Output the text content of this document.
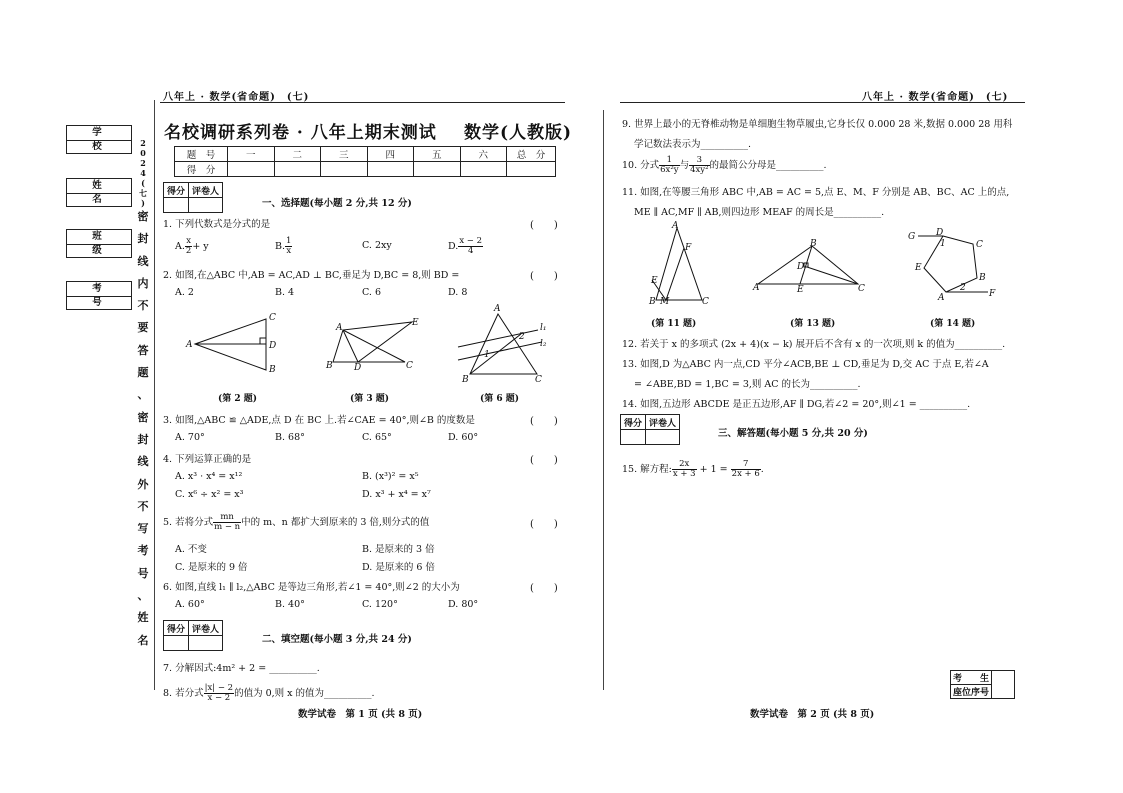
八年上 · 数学(省命题)　(七)	八年上 · 数学(省命题)　(七)
学　校
姓　名
班　级
考　号
2
0
2
4
(
七
)
密
封
线
内
不
要
答
题
、
密
封
线
外
不
写
考
号
、
姓
名
名校调研系列卷 · 八年上期末测试 数学(人教版)
题　号	一	二	三	四	五	六	总　分
得　分							
得分	评卷人

一、选择题(每小题 2 分,共 12 分)
1. 下列代数式是分式的是	(　　)
A. $\frac{x}{2} + y$	B. $\frac{1}{x}$	C. 2xy	D. $\frac{x - 2}{4}$
2. 如图,在△ABC 中,AB = AC,AD ⊥ BC,垂足为 D,BC = 8,则 BD =	(　　)
A. 2	B. 4	C. 6	D. 8
A
C
D
B
A	E
B D	C
A
B	C
1
2
l₁
l₂
(第 2 题)	(第 3 题)	(第 6 题)
3. 如图,△ABC ≌ △ADE,点 D 在 BC 上.若∠CAE = 40°,则∠B 的度数是	(　　)
A. 70°	B. 68°	C. 65°	D. 60°
4. 下列运算正确的是	(　　)
A. x³ · x⁴ = x¹²	B. (x³)² = x⁵
C. x⁶ ÷ x² = x³	D. x³ + x⁴ = x⁷
5. 若将分式 $\frac{mn}{m - n}$ 中的 m、n 都扩大到原来的 3 倍,则分式的值	(　　)
A. 不变	B. 是原来的 3 倍
C. 是原来的 9 倍	D. 是原来的 6 倍
6. 如图,直线 l₁ ∥ l₂,△ABC 是等边三角形,若∠1 = 40°,则∠2 的大小为	(　　)
A. 60°	B. 40°	C. 120°	D. 80°
得分	评卷人

二、填空题(每小题 3 分,共 24 分)
7. 分解因式:4m² + 2 = __________.
8. 若分式 $\frac{|x| - 2}{x - 2}$ 的值为 0,则 x 的值为__________.
数学试卷　第 1 页 (共 8 页)
9. 世界上最小的无脊椎动物是单细胞生物草履虫,它身长仅 0.000 28 米,数据 0.000 28 用科
学记数法表示为__________.
10. 分式 $\frac{1}{\text{6x²y}}$ 与 $\frac{3}{\text{4xy²}}$ 的最简公分母是__________.
11. 如图,在等腰三角形 ABC 中,AB = AC = 5,点 E、M、F 分别是 AB、BC、AC 上的点,
ME ∥ AC,MF ∥ AB,则四边形 MEAF 的周长是__________.
A
F
E
B M	C
B
D
A	E	C
G D
C
E
B
A	F
1
2
(第 11 题)	(第 13 题)	(第 14 题)
12. 若关于 x 的多项式 (2x + 4)(x − k) 展开后不含有 x 的一次项,则 k 的值为__________.
13. 如图,D 为△ABC 内一点,CD 平分∠ACB,BE ⊥ CD,垂足为 D,交 AC 于点 E,若∠A
= ∠ABE,BD = 1,BC = 3,则 AC 的长为__________.
14. 如图,五边形 ABCDE 是正五边形,AF ∥ DG,若∠2 = 20°,则∠1 = __________.
得分	评卷人

三、解答题(每小题 5 分,共 20 分)
15. 解方程: $\frac{2x}{x + 3} + 1 = \frac{7}{2x + 6}$ .
考　　生	
座位序号
数学试卷　第 2 页 (共 8 页)
